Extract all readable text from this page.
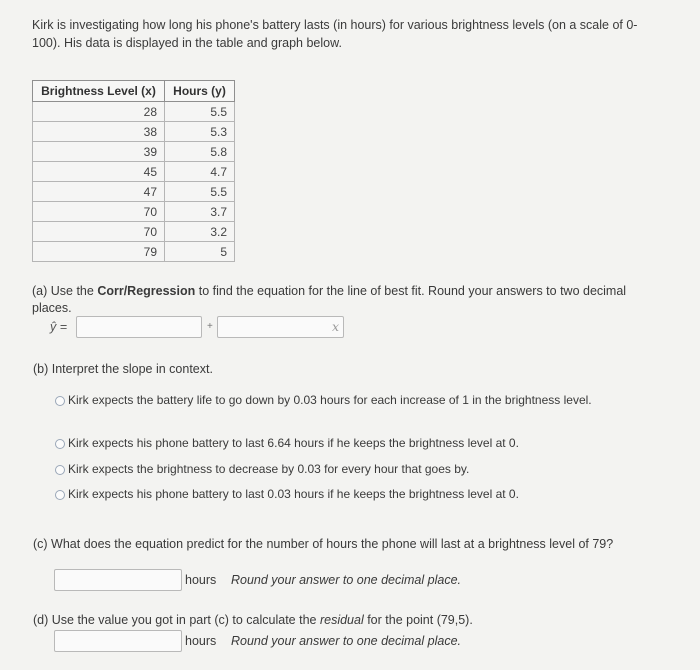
Kirk is investigating how long his phone's battery lasts (in hours) for various brightness levels (on a scale of 0-100). His data is displayed in the table and graph below.
Brightness Level (x)	Hours (y)
28	5.5
38	5.3
39	5.8
45	4.7
47	5.5
70	3.7
70	3.2
79	5
(a) Use the Corr/Regression to find the equation for the line of best fit. Round your answers to two decimal places.
ŷ =	+	x
(b) Interpret the slope in context.
Kirk expects the battery life to go down by 0.03 hours for each increase of 1 in the brightness level.
Kirk expects his phone battery to last 6.64 hours if he keeps the brightness level at 0.
Kirk expects the brightness to decrease by 0.03 for every hour that goes by.
Kirk expects his phone battery to last 0.03 hours if he keeps the brightness level at 0.
(c) What does the equation predict for the number of hours the phone will last at a brightness level of 79?
hours Round your answer to one decimal place.
(d) Use the value you got in part (c) to calculate the residual for the point (79,5).
hours Round your answer to one decimal place.
